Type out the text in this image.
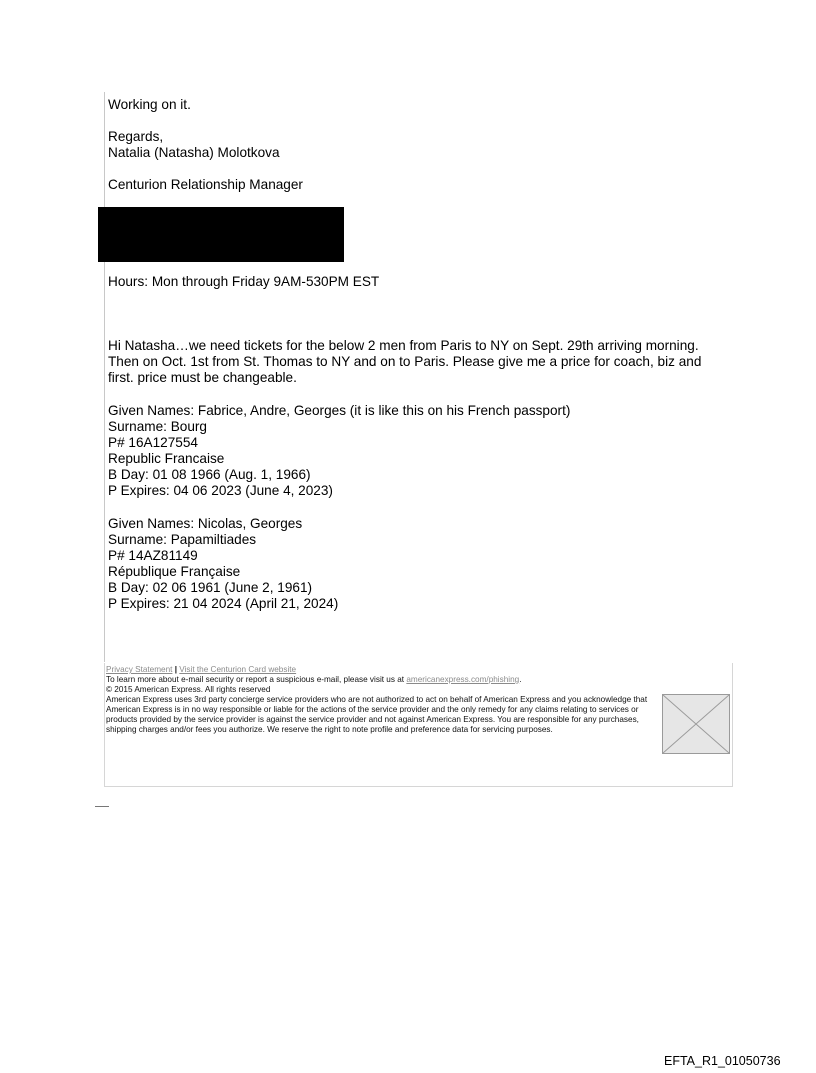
Working on it.
Regards,
Natalia (Natasha) Molotkova
Centurion Relationship Manager
Hours: Mon through Friday 9AM-530PM EST
Hi Natasha…we need tickets for the below 2 men from Paris to NY on Sept. 29th arriving morning. Then on Oct. 1st from St. Thomas to NY and on to Paris. Please give me a price for coach, biz and first. price must be changeable.
Given Names: Fabrice, Andre, Georges (it is like this on his French passport)
Surname: Bourg
P# 16A127554
Republic Francaise
B Day: 01 08 1966 (Aug. 1, 1966)
P Expires: 04 06 2023 (June 4, 2023)
Given Names: Nicolas, Georges
Surname: Papamiltiades
P# 14AZ81149
République Française
B Day: 02 06 1961 (June 2, 1961)
P Expires: 21 04 2024 (April 21, 2024)
Privacy Statement | Visit the Centurion Card website
To learn more about e-mail security or report a suspicious e-mail, please visit us at americanexpress.com/phishing.
© 2015 American Express. All rights reserved
American Express uses 3rd party concierge service providers who are not authorized to act on behalf of American Express and you acknowledge that American Express is in no way responsible or liable for the actions of the service provider and the only remedy for any claims relating to services or products provided by the service provider is against the service provider and not against American Express. You are responsible for any purchases, shipping charges and/or fees you authorize. We reserve the right to note profile and preference data for servicing purposes.
EFTA_R1_01050736
